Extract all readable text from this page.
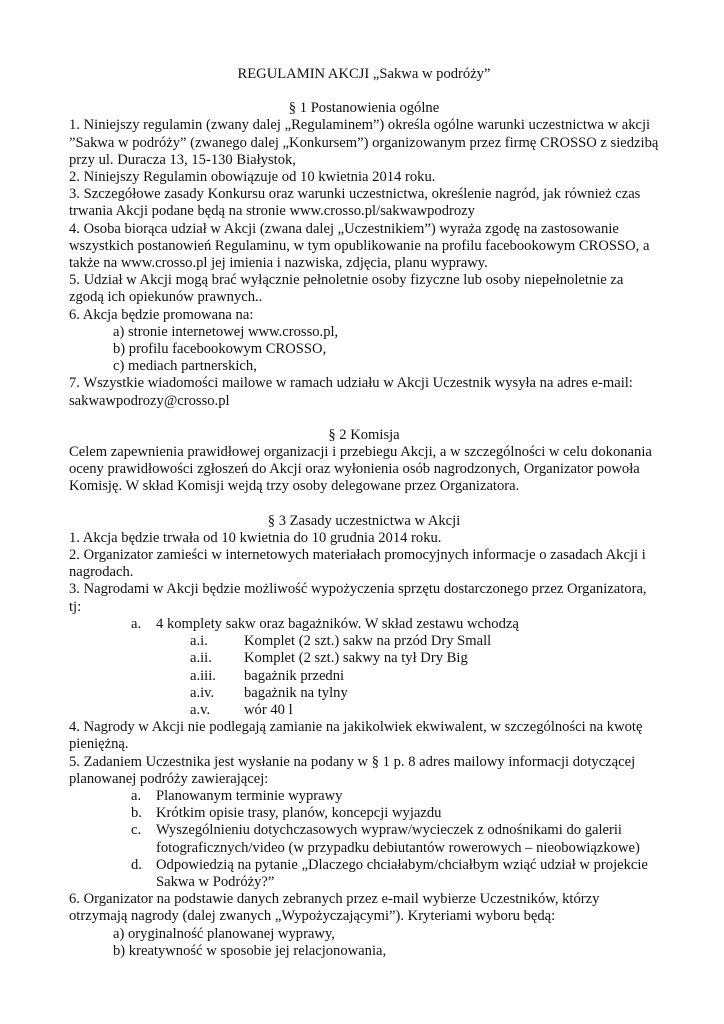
REGULAMIN AKCJI „Sakwa w podróży”

§ 1 Postanowienia ogólne

1. Niniejszy regulamin (zwany dalej „Regulaminem”) określa ogólne warunki uczestnictwa w akcji ”Sakwa w podróży” (zwanego dalej „Konkursem”) organizowanym przez firmę CROSSO z siedzibą przy ul. Duracza 13, 15-130 Białystok,

2. Niniejszy Regulamin obowiązuje od 10 kwietnia 2014 roku.

3. Szczegółowe zasady Konkursu oraz warunki uczestnictwa, określenie nagród, jak również czas trwania Akcji podane będą na stronie www.crosso.pl/sakwawpodrozy

4. Osoba biorąca udział w Akcji (zwana dalej „Uczestnikiem”) wyraża zgodę na zastosowanie wszystkich postanowień Regulaminu, w tym opublikowanie na profilu facebookowym CROSSO, a także na www.crosso.pl jej imienia i nazwiska, zdjęcia, planu wyprawy.

5. Udział w Akcji mogą brać wyłącznie pełnoletnie osoby fizyczne lub osoby niepełnoletnie za zgodą ich opiekunów prawnych..

6. Akcja będzie promowana na:

a) stronie internetowej www.crosso.pl,

b) profilu facebookowym CROSSO,

c) mediach partnerskich,

7. Wszystkie wiadomości mailowe w ramach udziału w Akcji Uczestnik wysyła na adres e-mail: sakwawpodrozy@crosso.pl

§ 2 Komisja

Celem zapewnienia prawidłowej organizacji i przebiegu Akcji, a w szczególności w celu dokonania oceny prawidłowości zgłoszeń do Akcji oraz wyłonienia osób nagrodzonych, Organizator powoła Komisję. W skład Komisji wejdą trzy osoby delegowane przez Organizatora.

§ 3 Zasady uczestnictwa w Akcji

1. Akcja będzie trwała od 10 kwietnia do 10 grudnia 2014 roku.

2. Organizator zamieści w internetowych materiałach promocyjnych informacje o zasadach Akcji i nagrodach.

3. Nagrodami w Akcji będzie możliwość wypożyczenia sprzętu dostarczonego przez Organizatora, tj:

a.	4 komplety sakw oraz bagażników. W skład zestawu wchodzą
a.i.	Komplet (2 szt.) sakw na przód Dry Small
a.ii.	Komplet (2 szt.) sakwy na tył Dry Big
a.iii.	bagażnik przedni
a.iv.	bagażnik na tylny
a.v.	wór 40 l

4. Nagrody w Akcji nie podlegają zamianie na jakikolwiek ekwiwalent, w szczególności na kwotę pieniężną.

5. Zadaniem Uczestnika jest wysłanie na podany w § 1 p. 8 adres mailowy informacji dotyczącej planowanej podróży zawierającej:

a.	Planowanym terminie wyprawy
b. Krótkim opisie trasy, planów, koncepcji wyjazdu
c.	Wyszególnieniu dotychczasowych wypraw/wycieczek z odnośnikami do galerii fotograficznych/video (w przypadku debiutantów rowerowych – nieobowiązkowe)
d. Odpowiedzią na pytanie „Dlaczego chciałabym/chciałbym wziąć udział w projekcie Sakwa w Podróży?”

6. Organizator na podstawie danych zebranych przez e-mail wybierze Uczestników, którzy otrzymają nagrody (dalej zwanych „Wypożyczającymi”). Kryteriami wyboru będą:

a) oryginalność planowanej wyprawy,

b) kreatywność w sposobie jej relacjonowania,
